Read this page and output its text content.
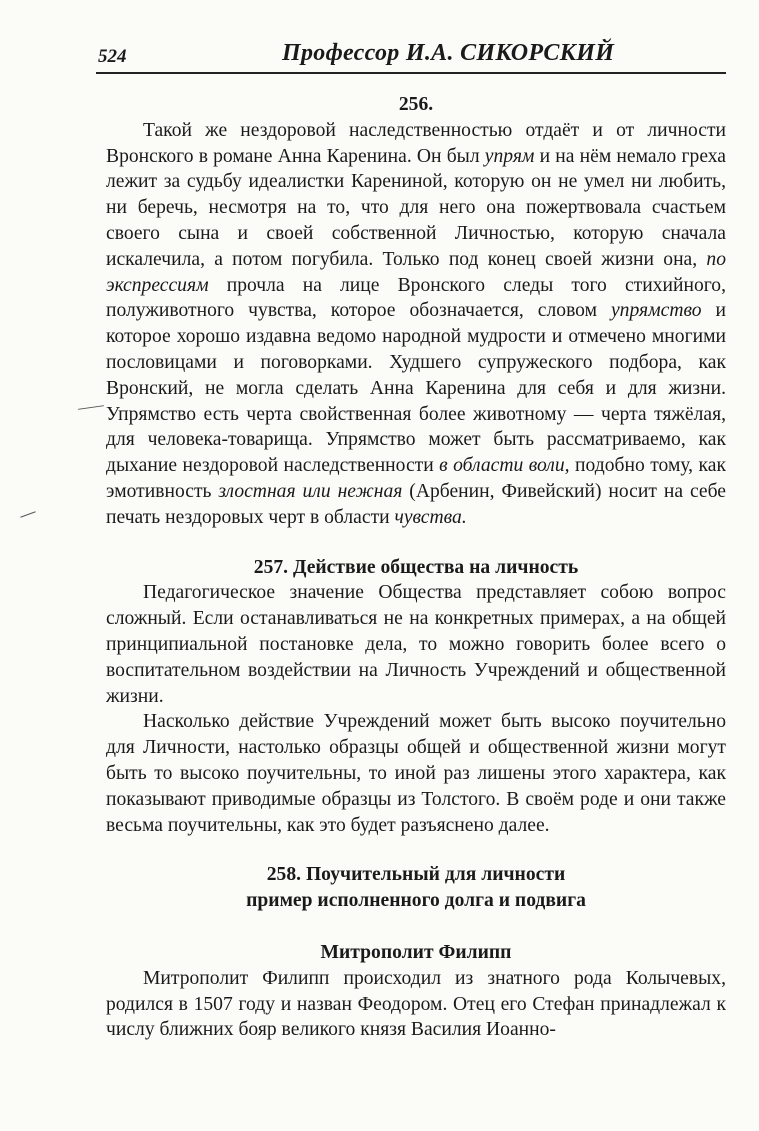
524	Профессор И.А. СИКОРСКИЙ
256.

Такой же нездоровой наследственностью отдаёт и от личности Вронского в романе Анна Каренина. Он был упрям и на нём немало греха лежит за судьбу идеалистки Карениной, которую он не умел ни любить, ни беречь, несмотря на то, что для него она пожертвовала счастьем своего сына и своей собственной Личностью, которую сначала искалечила, а потом погубила. Только под конец своей жизни она, по экспрессиям прочла на лице Вронского следы того стихийного, полуживотного чувства, которое обозначается, словом упрямство и которое хорошо издавна ведомо народной мудрости и отмечено многими пословицами и поговорками. Худшего супружеского подбора, как Вронский, не могла сделать Анна Каренина для себя и для жизни. Упрямство есть черта свойственная более животному — черта тяжёлая, для человека-товарища. Упрямство может быть рассматриваемо, как дыхание нездоровой наследственности в области воли, подобно тому, как эмотивность злостная или нежная (Арбенин, Фивейский) носит на себе печать нездоровых черт в области чувства.

257. Действие общества на личность

Педагогическое значение Общества представляет собою вопрос сложный. Если останавливаться не на конкретных примерах, а на общей принципиальной постановке дела, то можно говорить более всего о воспитательном воздействии на Личность Учреждений и общественной жизни.

Насколько действие Учреждений может быть высоко поучительно для Личности, настолько образцы общей и общественной жизни могут быть то высоко поучительны, то иной раз лишены этого характера, как показывают приводимые образцы из Толстого. В своём роде и они также весьма поучительны, как это будет разъяснено далее.

258. Поучительный для личности
пример исполненного долга и подвига
Митрополит Филипп

Митрополит Филипп происходил из знатного рода Колычевых, родился в 1507 году и назван Феодором. Отец его Стефан принадлежал к числу ближних бояр великого князя Василия Иоанно-
